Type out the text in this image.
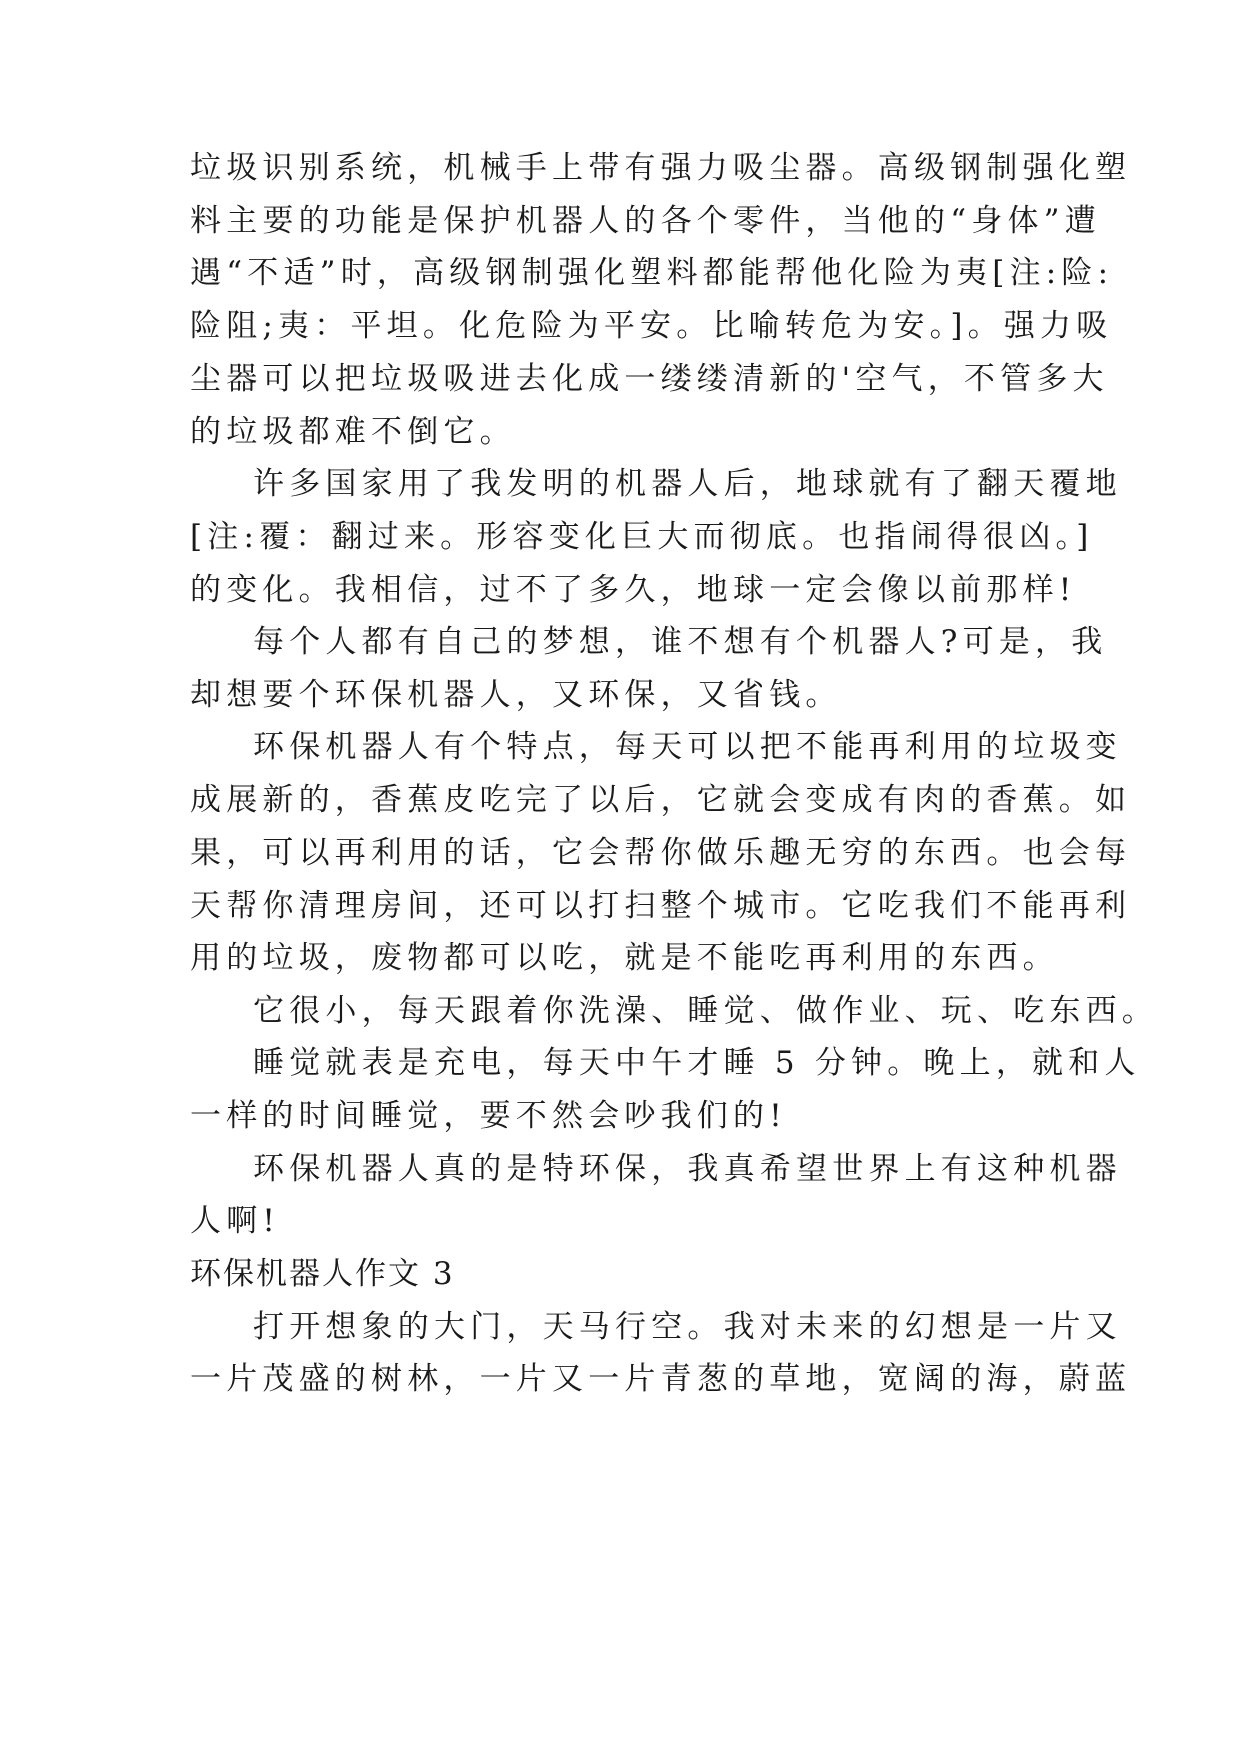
垃圾识别系统，机械手上带有强力吸尘器。高级钢制强化塑
料主要的功能是保护机器人的各个零件，当他的“身体”遭
遇“不适”时，高级钢制强化塑料都能帮他化险为夷[注:险:
险阻;夷：平坦。化危险为平安。比喻转危为安。]。强力吸
尘器可以把垃圾吸进去化成一缕缕清新的'空气，不管多大
的垃圾都难不倒它。
许多国家用了我发明的机器人后，地球就有了翻天覆地
[注:覆：翻过来。形容变化巨大而彻底。也指闹得很凶。]
的变化。我相信，过不了多久，地球一定会像以前那样!
每个人都有自己的梦想，谁不想有个机器人?可是，我
却想要个环保机器人，又环保，又省钱。
环保机器人有个特点，每天可以把不能再利用的垃圾变
成展新的，香蕉皮吃完了以后，它就会变成有肉的香蕉。如
果，可以再利用的话，它会帮你做乐趣无穷的东西。也会每
天帮你清理房间，还可以打扫整个城市。它吃我们不能再利
用的垃圾，废物都可以吃，就是不能吃再利用的东西。
它很小，每天跟着你洗澡、睡觉、做作业、玩、吃东西。
睡觉就表是充电，每天中午才睡 5 分钟。晚上，就和人
一样的时间睡觉，要不然会吵我们的!
环保机器人真的是特环保，我真希望世界上有这种机器
人啊!
环保机器人作文 3
打开想象的大门，天马行空。我对未来的幻想是一片又
一片茂盛的树林，一片又一片青葱的草地，宽阔的海，蔚蓝
